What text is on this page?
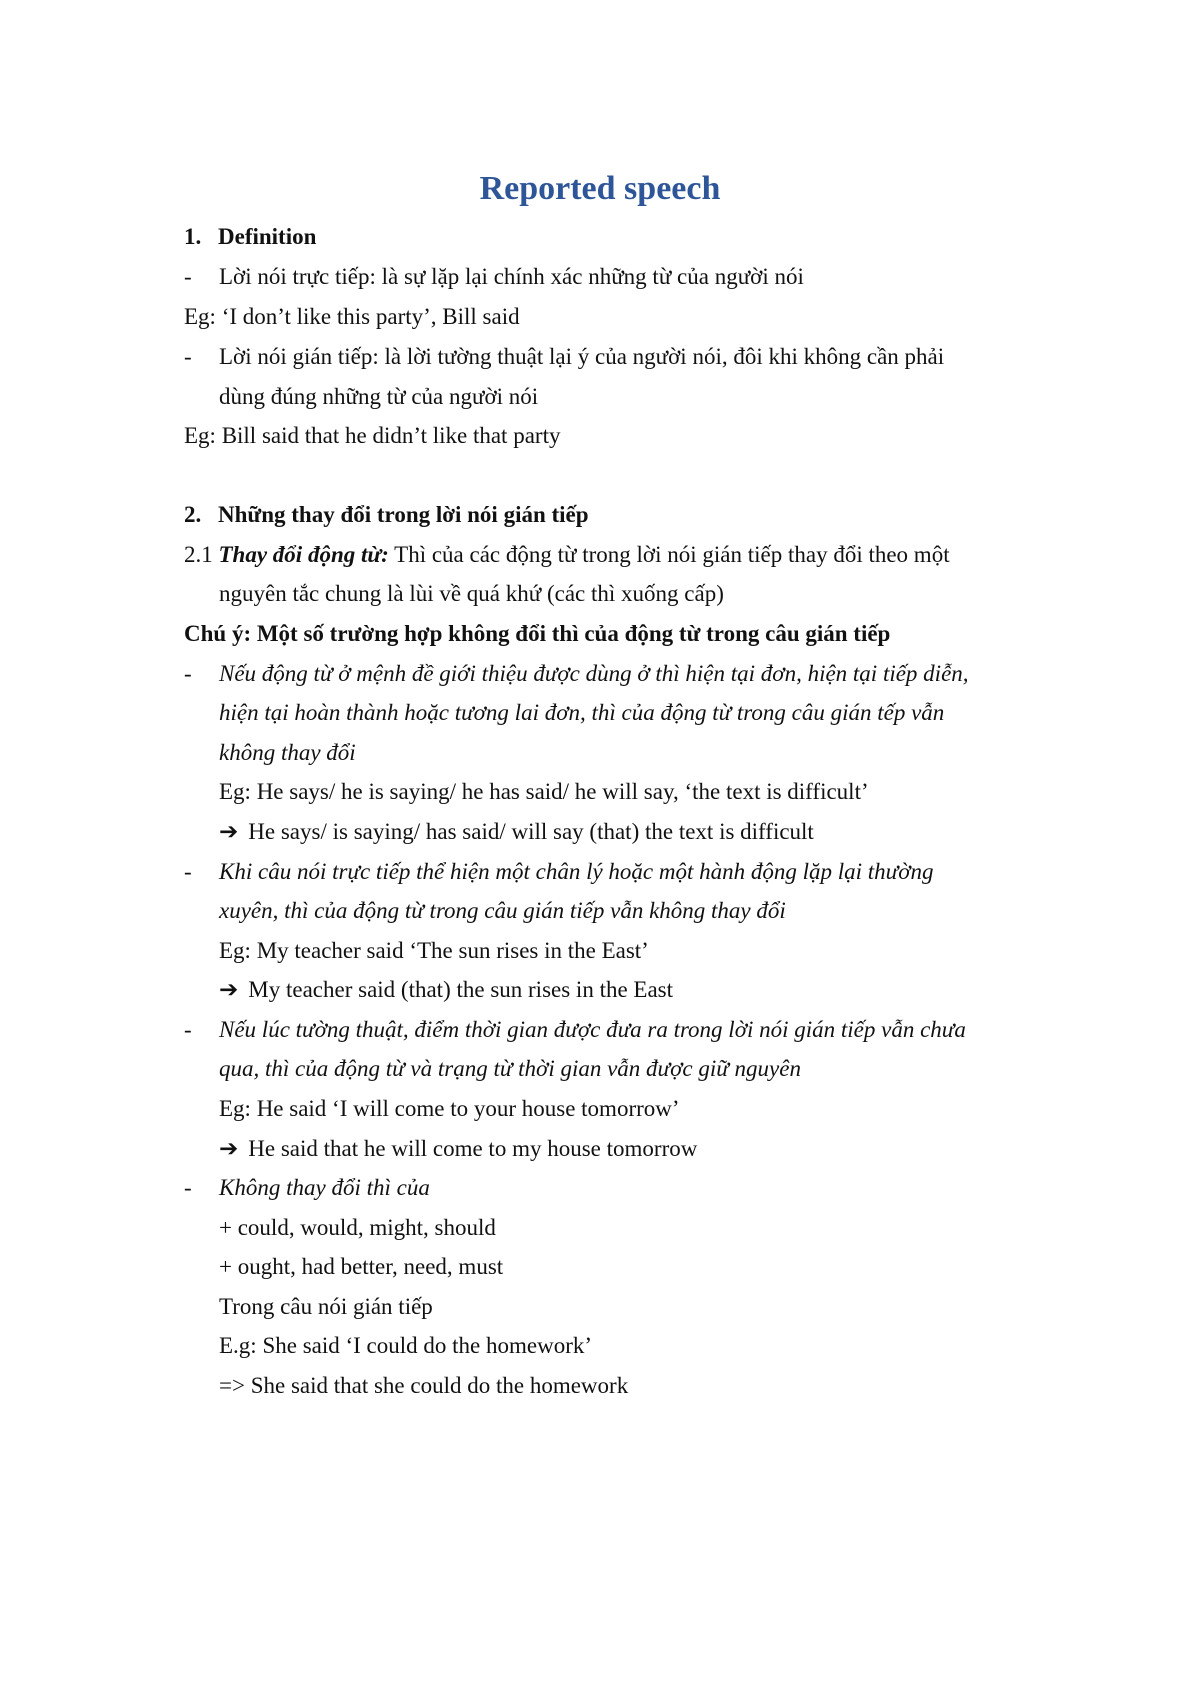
Reported speech
1. Definition
- Lời nói trực tiếp: là sự lặp lại chính xác những từ của người nói
Eg: ‘I don’t like this party’, Bill said
- Lời nói gián tiếp: là lời tường thuật lại ý của người nói, đôi khi không cần phải
dùng đúng những từ của người nói
Eg: Bill said that he didn’t like that party
2. Những thay đổi trong lời nói gián tiếp
2.1 Thay đổi động từ: Thì của các động từ trong lời nói gián tiếp thay đổi theo một
nguyên tắc chung là lùi về quá khứ (các thì xuống cấp)
Chú ý: Một số trường hợp không đổi thì của động từ trong câu gián tiếp
- Nếu động từ ở mệnh đề giới thiệu được dùng ở thì hiện tại đơn, hiện tại tiếp diễn,
hiện tại hoàn thành hoặc tương lai đơn, thì của động từ trong câu gián tếp vẫn
không thay đổi
Eg: He says/ he is saying/ he has said/ he will say, ‘the text is difficult’
➔ He says/ is saying/ has said/ will say (that) the text is difficult
- Khi câu nói trực tiếp thể hiện một chân lý hoặc một hành động lặp lại thường
xuyên, thì của động từ trong câu gián tiếp vẫn không thay đổi
Eg: My teacher said ‘The sun rises in the East’
➔ My teacher said (that) the sun rises in the East
- Nếu lúc tường thuật, điểm thời gian được đưa ra trong lời nói gián tiếp vẫn chưa
qua, thì của động từ và trạng từ thời gian vẫn được giữ nguyên
Eg: He said ‘I will come to your house tomorrow’
➔ He said that he will come to my house tomorrow
- Không thay đổi thì của
+ could, would, might, should
+ ought, had better, need, must
Trong câu nói gián tiếp
E.g: She said ‘I could do the homework’
=> She said that she could do the homework
